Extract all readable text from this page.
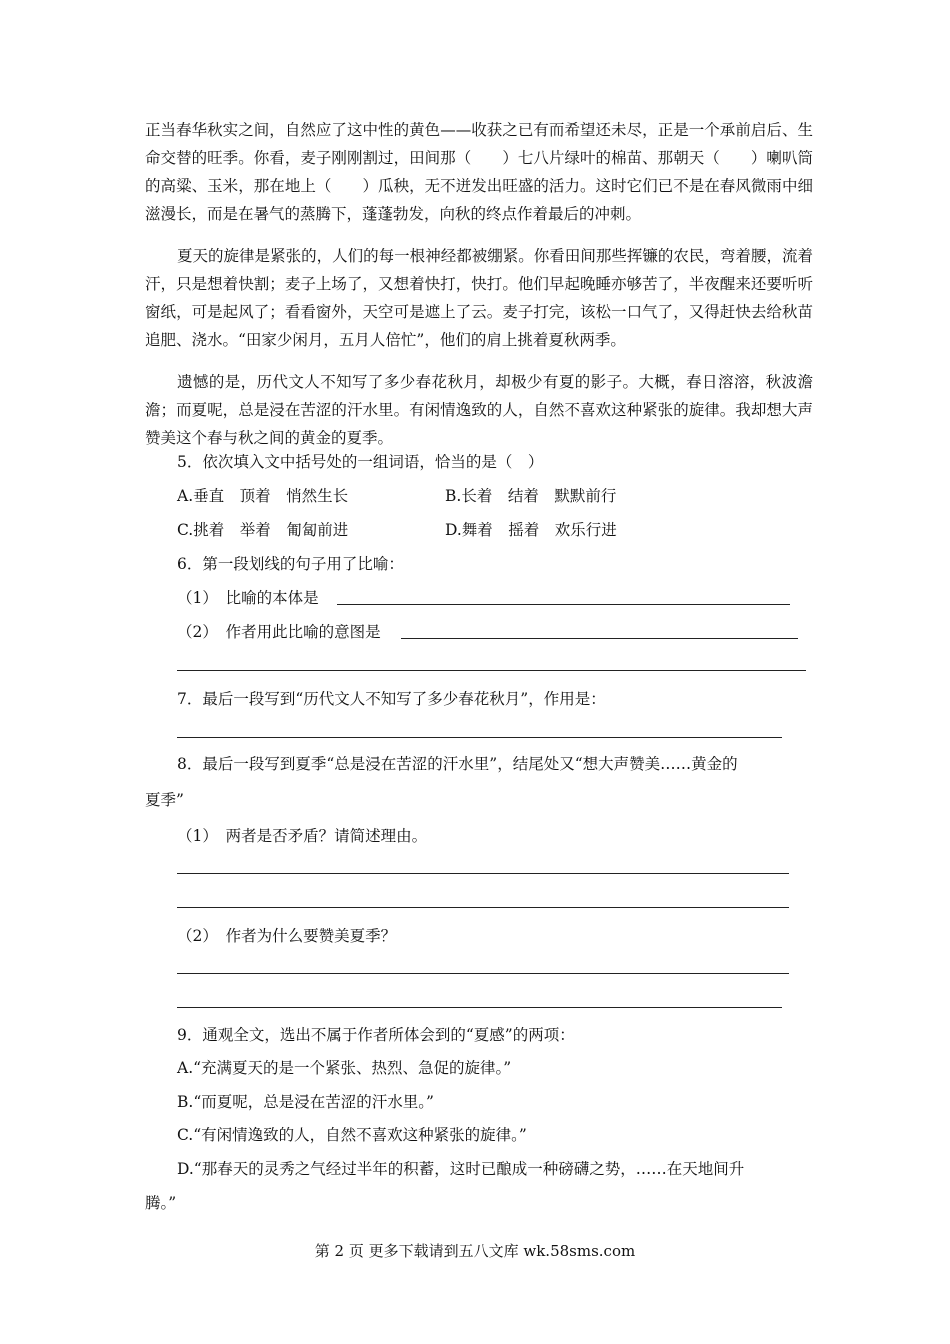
正当春华秋实之间，自然应了这中性的黄色——收获之已有而希望还未尽，正是一个承前启后、生命交替的旺季。你看，麦子刚刚割过，田间那（　　）七八片绿叶的棉苗、那朝天（　　）喇叭筒的高粱、玉米，那在地上（　　）瓜秧，无不迸发出旺盛的活力。这时它们已不是在春风微雨中细滋漫长，而是在暑气的蒸腾下，蓬蓬勃发，向秋的终点作着最后的冲刺。
夏天的旋律是紧张的，人们的每一根神经都被绷紧。你看田间那些挥镰的农民，弯着腰，流着汗，只是想着快割；麦子上场了，又想着快打，快打。他们早起晚睡亦够苦了，半夜醒来还要听听窗纸，可是起风了；看看窗外，天空可是遮上了云。麦子打完，该松一口气了，又得赶快去给秋苗追肥、浇水。“田家少闲月，五月人倍忙”，他们的肩上挑着夏秋两季。
遗憾的是，历代文人不知写了多少春花秋月，却极少有夏的影子。大概，春日溶溶，秋波澹澹；而夏呢，总是浸在苦涩的汗水里。有闲情逸致的人，自然不喜欢这种紧张的旋律。我却想大声赞美这个春与秋之间的黄金的夏季。
5．依次填入文中括号处的一组词语，恰当的是（　）
A.垂直　顶着　悄然生长	B.长着　结着　默默前行
C.挑着　举着　匍匐前进	D.舞着　摇着　欢乐行进
6．第一段划线的句子用了比喻：
（1）　比喻的本体是
（2）　作者用此比喻的意图是
7．最后一段写到“历代文人不知写了多少春花秋月”，作用是：
8．最后一段写到夏季“总是浸在苦涩的汗水里”，结尾处又“想大声赞美……黄金的
夏季”
（1）　两者是否矛盾？请简述理由。
（2）　作者为什么要赞美夏季？
9．通观全文，选出不属于作者所体会到的“夏感”的两项：
A.“充满夏天的是一个紧张、热烈、急促的旋律。”
B.“而夏呢，总是浸在苦涩的汗水里。”
C.“有闲情逸致的人，自然不喜欢这种紧张的旋律。”
D.“那春天的灵秀之气经过半年的积蓄，这时已酿成一种磅礴之势，……在天地间升
腾。”
第 2 页 更多下载请到五八文库 wk.58sms.com
